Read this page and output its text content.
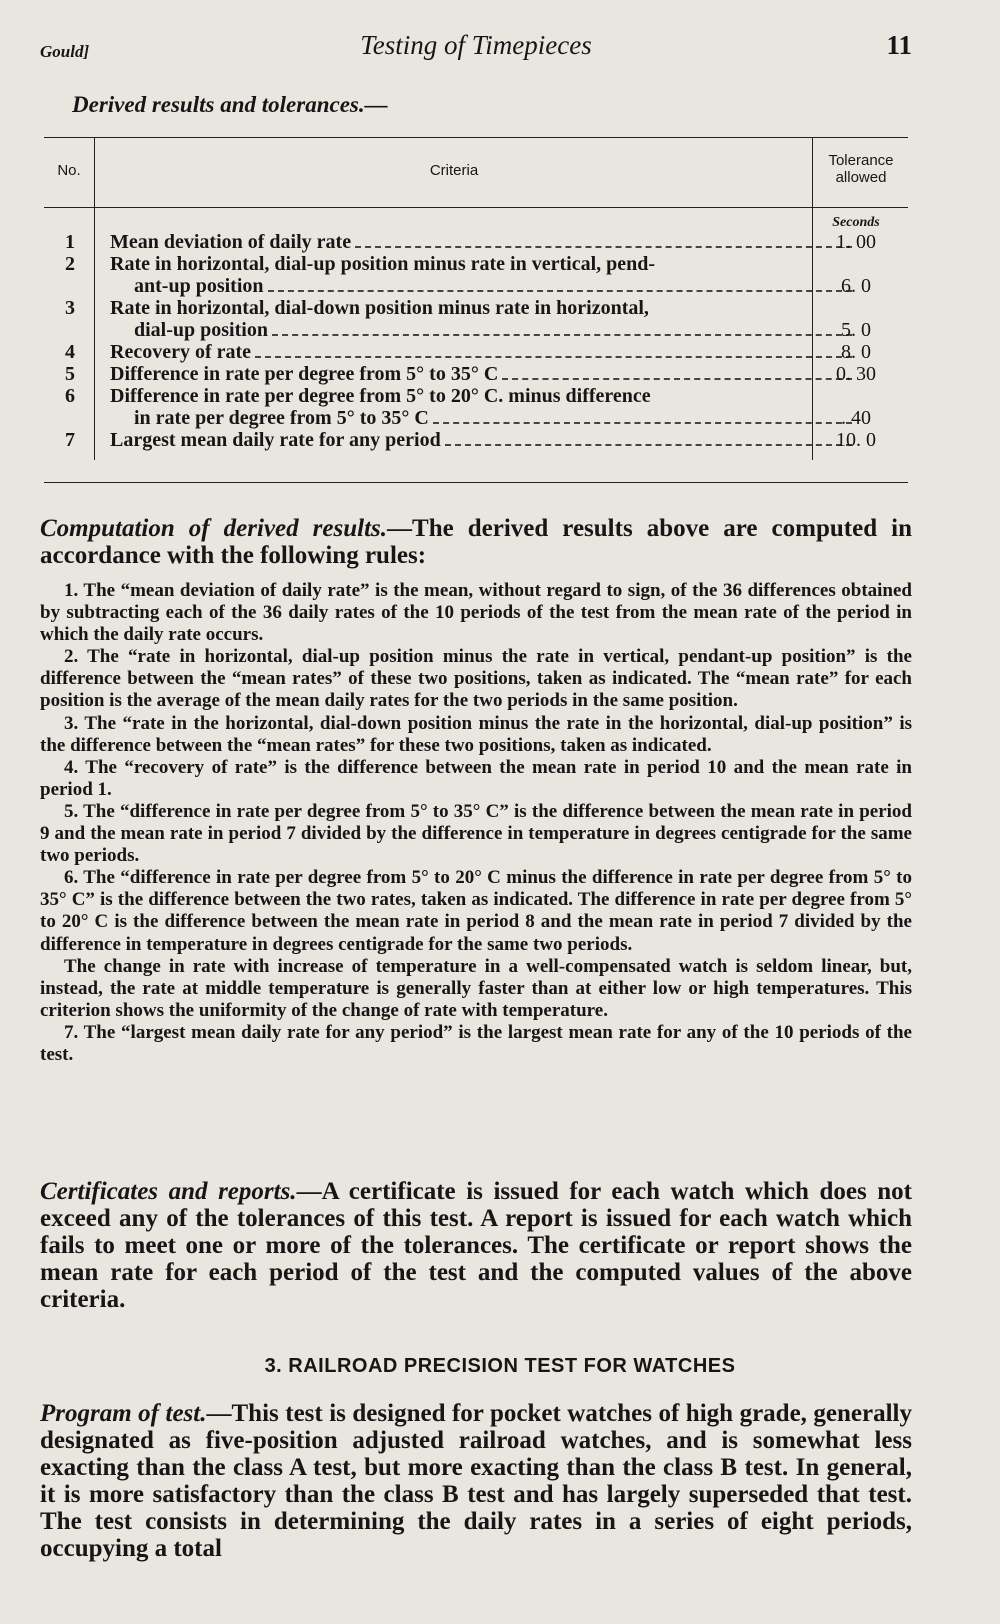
Gould]	Testing of Timepieces	11
Derived results and tolerances.—
No.	Criteria
Tolerance
allowed
Seconds
1	Mean deviation of daily rate	1. 00
2	Rate in horizontal, dial-up position minus rate in vertical, pend-
ant-up position	6. 0
3	Rate in horizontal, dial-down position minus rate in horizontal,
dial-up position	5. 0
4	Recovery of rate	8. 0
5	Difference in rate per degree from 5° to 35° C	0. 30
6	Difference in rate per degree from 5° to 20° C. minus difference
in rate per degree from 5° to 35° C	. 40
7	Largest mean daily rate for any period	10. 0
Computation of derived results.—The derived results above are computed in accordance with the following rules:

1. The “mean deviation of daily rate” is the mean, without regard to sign, of the 36 differences obtained by subtracting each of the 36 daily rates of the 10 periods of the test from the mean rate of the period in which the daily rate occurs.

2. The “rate in horizontal, dial-up position minus the rate in vertical, pendant-up position” is the difference between the “mean rates” of these two positions, taken as indicated. The “mean rate” for each position is the average of the mean daily rates for the two periods in the same position.

3. The “rate in the horizontal, dial-down position minus the rate in the horizontal, dial-up position” is the difference between the “mean rates” for these two positions, taken as indicated.

4. The “recovery of rate” is the difference between the mean rate in period 10 and the mean rate in period 1.

5. The “difference in rate per degree from 5° to 35° C” is the difference between the mean rate in period 9 and the mean rate in period 7 divided by the difference in temperature in degrees centigrade for the same two periods.

6. The “difference in rate per degree from 5° to 20° C minus the difference in rate per degree from 5° to 35° C” is the difference between the two rates, taken as indicated. The difference in rate per degree from 5° to 20° C is the difference between the mean rate in period 8 and the mean rate in period 7 divided by the difference in temperature in degrees centigrade for the same two periods.

The change in rate with increase of temperature in a well-compensated watch is seldom linear, but, instead, the rate at middle temperature is generally faster than at either low or high temperatures. This criterion shows the uniformity of the change of rate with temperature.

7. The “largest mean daily rate for any period” is the largest mean rate for any of the 10 periods of the test.

Certificates and reports.—A certificate is issued for each watch which does not exceed any of the tolerances of this test. A report is issued for each watch which fails to meet one or more of the tolerances. The certificate or report shows the mean rate for each period of the test and the computed values of the above criteria.
3. RAILROAD PRECISION TEST FOR WATCHES
Program of test.—This test is designed for pocket watches of high grade, generally designated as five-position adjusted railroad watches, and is somewhat less exacting than the class A test, but more exacting than the class B test. In general, it is more satisfactory than the class B test and has largely superseded that test. The test consists in determining the daily rates in a series of eight periods, occupying a total
